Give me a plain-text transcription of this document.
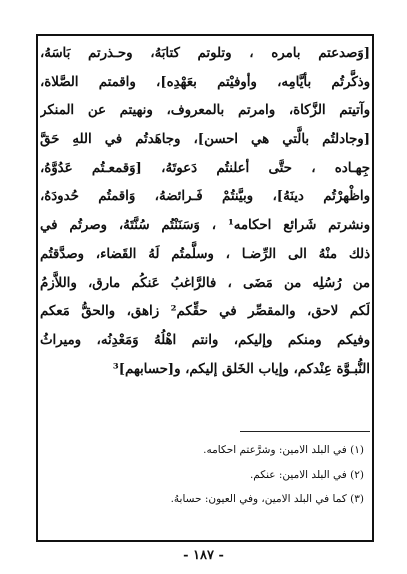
[وَصدعتم بامره ، وتلوتم كتابَهُ، وحـذرتم بَاسَهُ،
وذكَّرتُم بأيَّامِه، وأوفيْتم بعَهْدِه]، واقمتم الصَّلاة،
وآتيتم الزَّكاة، وامرتم بالمعروف، ونهيتم عن المنكر
[وجادلتُم بالَّتي هي احسن]، وجاهَدتُم في اللهِ حَقَّ
جِهـاده ، حتَّى أعلنتُم دَعوتَهُ، [وَقمعـتُم عَدُوَّهُ،
واظْهرْتُم دينَهُ]، وبيَّنتُمْ فَـرائضهُ، وَاقمتُم حُدودَهُ،
ونشرتم شَرائع احكامه¹ ، وَسَنَنْتُم سُنَّتَهُ، وصرتُم في
ذلك منْهُ الى الرِّضـا ، وسلَّمتُم لَهُ القَضاء، وصدَّقتُم
من رُسُلِه من مَضَى ، فالرَّاغبُ عَنكُم مارق، واللاَّزمُ
لَكم لاحق، والمقصِّر في حقِّكم² زاهق، والحقُّ مَعكم
وفيكم ومنكم وإليكم، وانتم اهْلُهُ وَمَعْدِنُه، وميراثُ
النُّبـوَّة عِنْدكم، وإياب الخَلق إليكم، و[حسابهم]³
(١) في البلد الامين: وشرَّعتم احكامه.
(٢) في البلد الامين: عنكم.
(٣) كما في البلد الامين، وفي العيون: حسابهُ.
- ١٨٧ -
